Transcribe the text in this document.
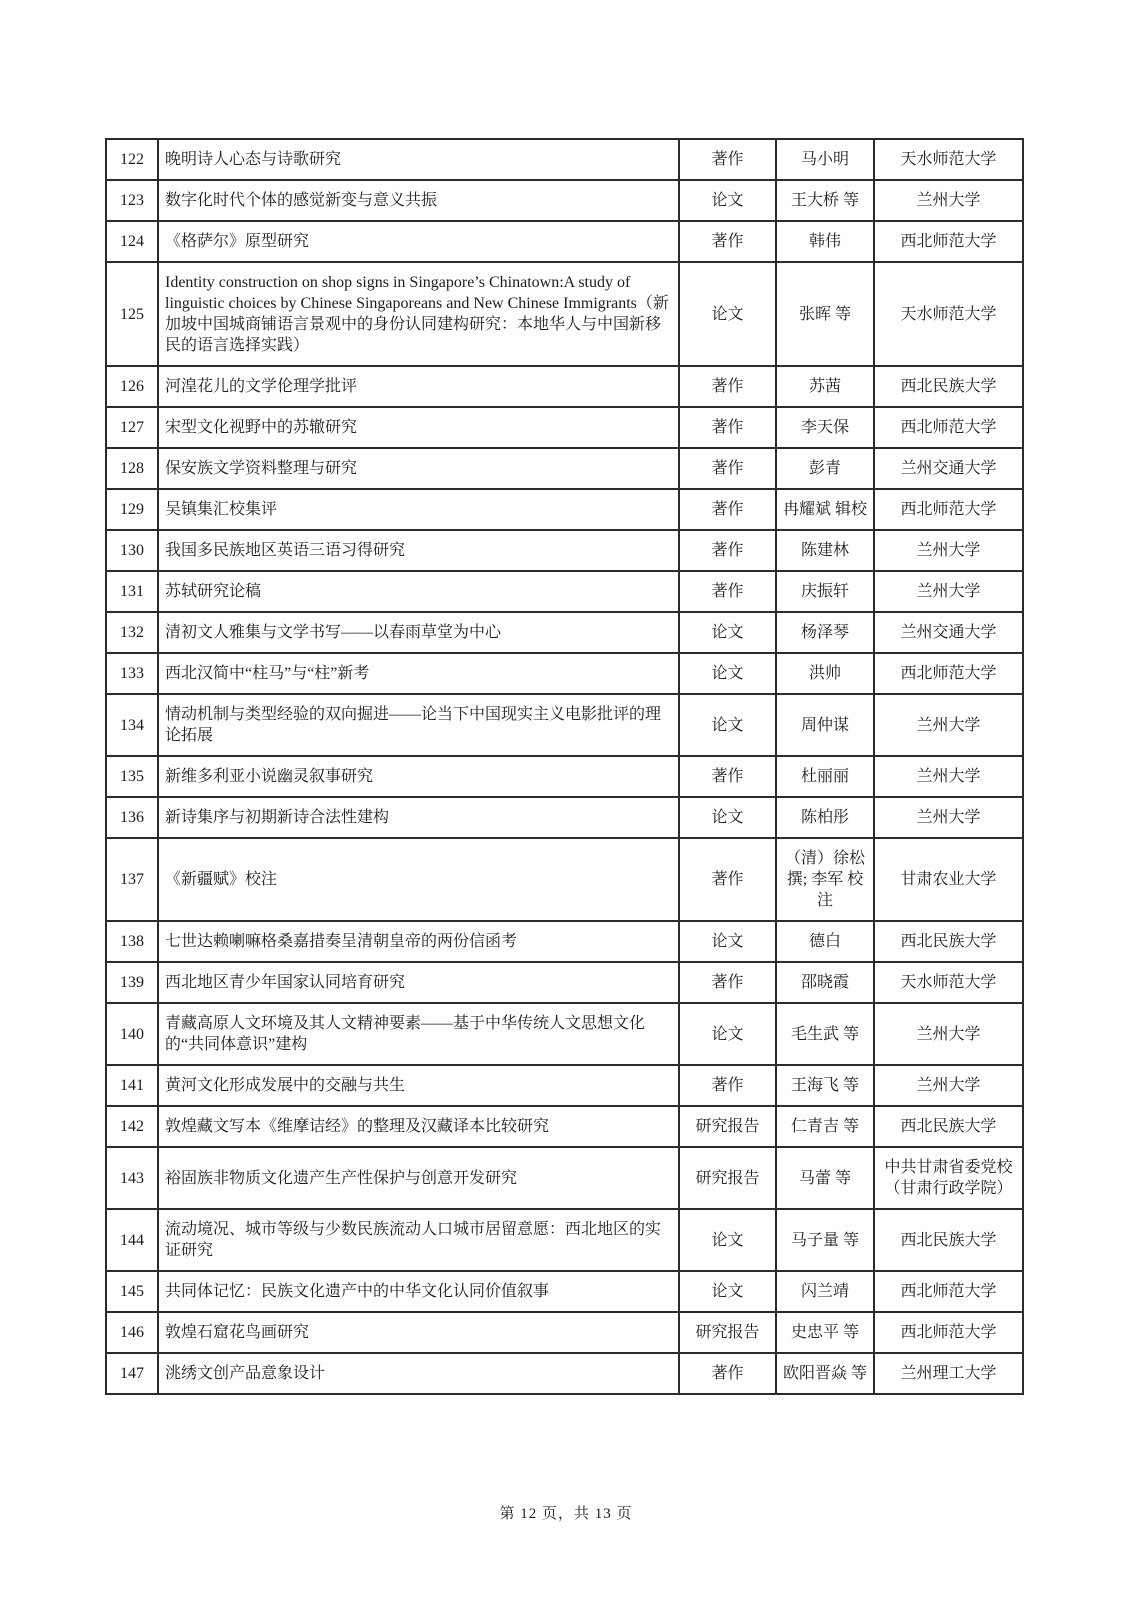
122	晚明诗人心态与诗歌研究	著作	马小明	天水师范大学
123	数字化时代个体的感觉新变与意义共振	论文	王大桥 等	兰州大学
124	《格萨尔》原型研究	著作	韩伟	西北师范大学
125	Identity construction on shop signs in Singapore’s Chinatown:A study of linguistic choices by Chinese Singaporeans and New Chinese Immigrants（新加坡中国城商铺语言景观中的身份认同建构研究：本地华人与中国新移民的语言选择实践）	论文	张晖 等	天水师范大学
126	河湟花儿的文学伦理学批评	著作	苏茜	西北民族大学
127	宋型文化视野中的苏辙研究	著作	李天保	西北师范大学
128	保安族文学资料整理与研究	著作	彭青	兰州交通大学
129	吴镇集汇校集评	著作	冉耀斌 辑校	西北师范大学
130	我国多民族地区英语三语习得研究	著作	陈建林	兰州大学
131	苏轼研究论稿	著作	庆振轩	兰州大学
132	清初文人雅集与文学书写——以春雨草堂为中心	论文	杨泽琴	兰州交通大学
133	西北汉简中“柱马”与“柱”新考	论文	洪帅	西北师范大学
134	情动机制与类型经验的双向掘进——论当下中国现实主义电影批评的理论拓展	论文	周仲谋	兰州大学
135	新维多利亚小说幽灵叙事研究	著作	杜丽丽	兰州大学
136	新诗集序与初期新诗合法性建构	论文	陈柏彤	兰州大学
137	《新疆赋》校注	著作	（清）徐松 撰; 李军 校注	甘肃农业大学
138	七世达赖喇嘛格桑嘉措奏呈清朝皇帝的两份信函考	论文	德白	西北民族大学
139	西北地区青少年国家认同培育研究	著作	邵晓霞	天水师范大学
140	青藏高原人文环境及其人文精神要素——基于中华传统人文思想文化的“共同体意识”建构	论文	毛生武 等	兰州大学
141	黄河文化形成发展中的交融与共生	著作	王海飞 等	兰州大学
142	敦煌藏文写本《维摩诘经》的整理及汉藏译本比较研究	研究报告	仁青吉 等	西北民族大学
143	裕固族非物质文化遗产生产性保护与创意开发研究	研究报告	马蕾 等	中共甘肃省委党校（甘肃行政学院）
144	流动境况、城市等级与少数民族流动人口城市居留意愿：西北地区的实证研究	论文	马子量 等	西北民族大学
145	共同体记忆：民族文化遗产中的中华文化认同价值叙事	论文	闪兰靖	西北师范大学
146	敦煌石窟花鸟画研究	研究报告	史忠平 等	西北师范大学
147	洮绣文创产品意象设计	著作	欧阳晋焱 等	兰州理工大学
第 12 页，共 13 页
